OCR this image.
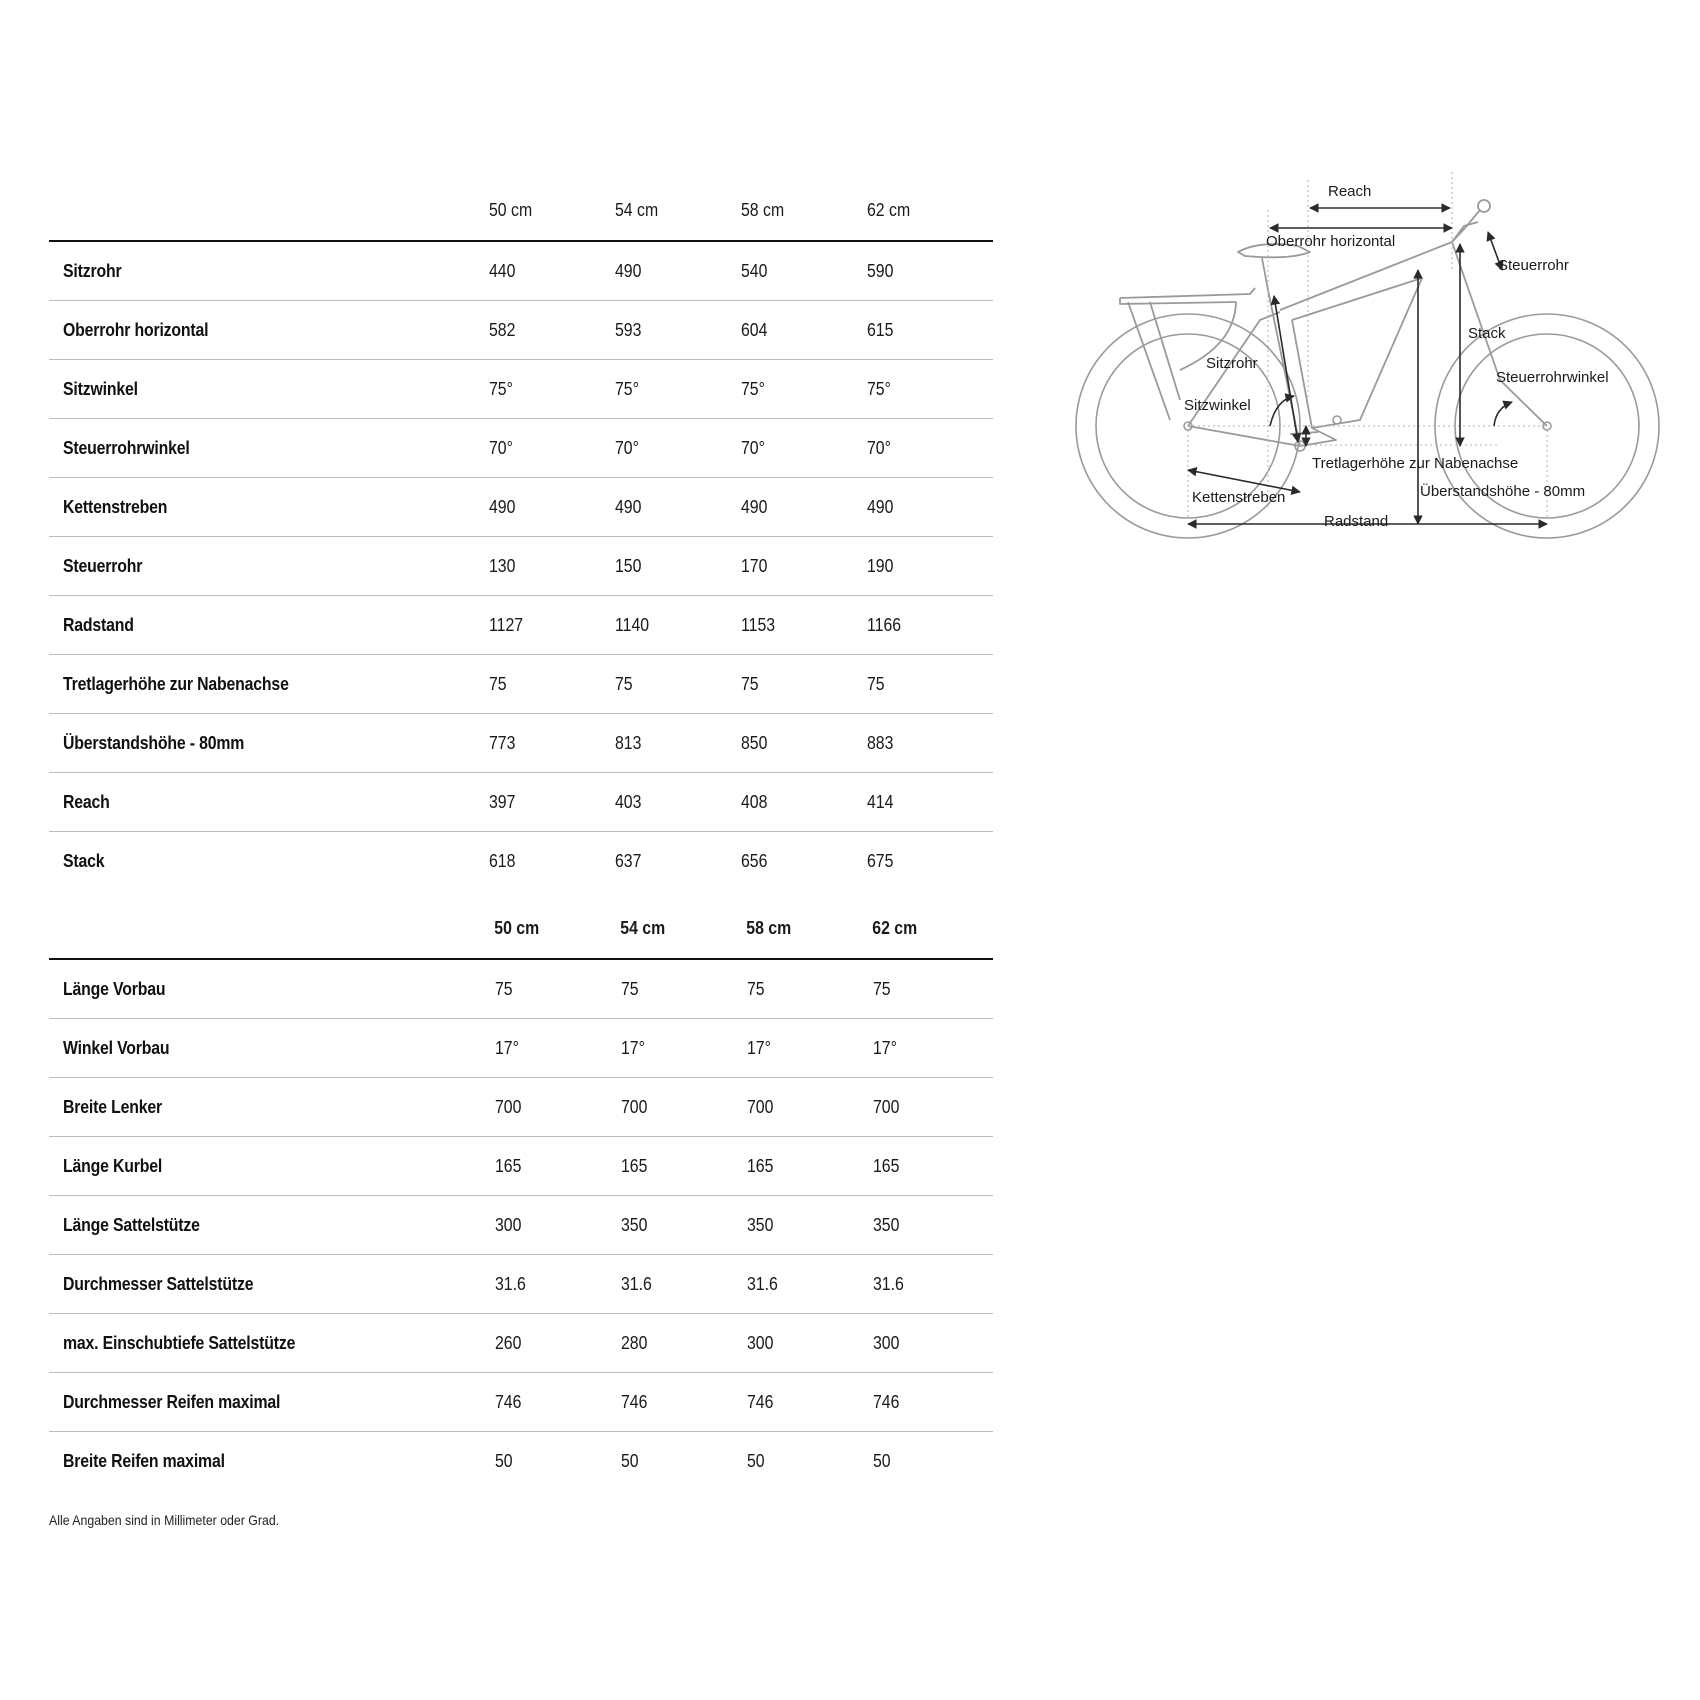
	50 cm	54 cm	58 cm	62 cm
Sitzrohr	440	490	540	590
Oberrohr horizontal	582	593	604	615
Sitzwinkel	75°	75°	75°	75°
Steuerrohrwinkel	70°	70°	70°	70°
Kettenstreben	490	490	490	490
Steuerrohr	130	150	170	190
Radstand	1127	1140	1153	1166
Tretlagerhöhe zur Nabenachse	75	75	75	75
Überstandshöhe - 80mm	773	813	850	883
Reach	397	403	408	414
Stack	618	637	656	675
	50 cm	54 cm	58 cm	62 cm
Länge Vorbau	75	75	75	75
Winkel Vorbau	17°	17°	17°	17°
Breite Lenker	700	700	700	700
Länge Kurbel	165	165	165	165
Länge Sattelstütze	300	350	350	350
Durchmesser Sattelstütze	31.6	31.6	31.6	31.6
max. Einschubtiefe Sattelstütze	260	280	300	300
Durchmesser Reifen maximal	746	746	746	746
Breite Reifen maximal	50	50	50	50
Alle Angaben sind in Millimeter oder Grad.
Reach
Oberrohr horizontal
Steuerrohr
Stack
Sitzrohr
Steuerrohrwinkel
Sitzwinkel
Tretlagerhöhe zur Nabenachse
Überstandshöhe - 80mm
Kettenstreben
Radstand
